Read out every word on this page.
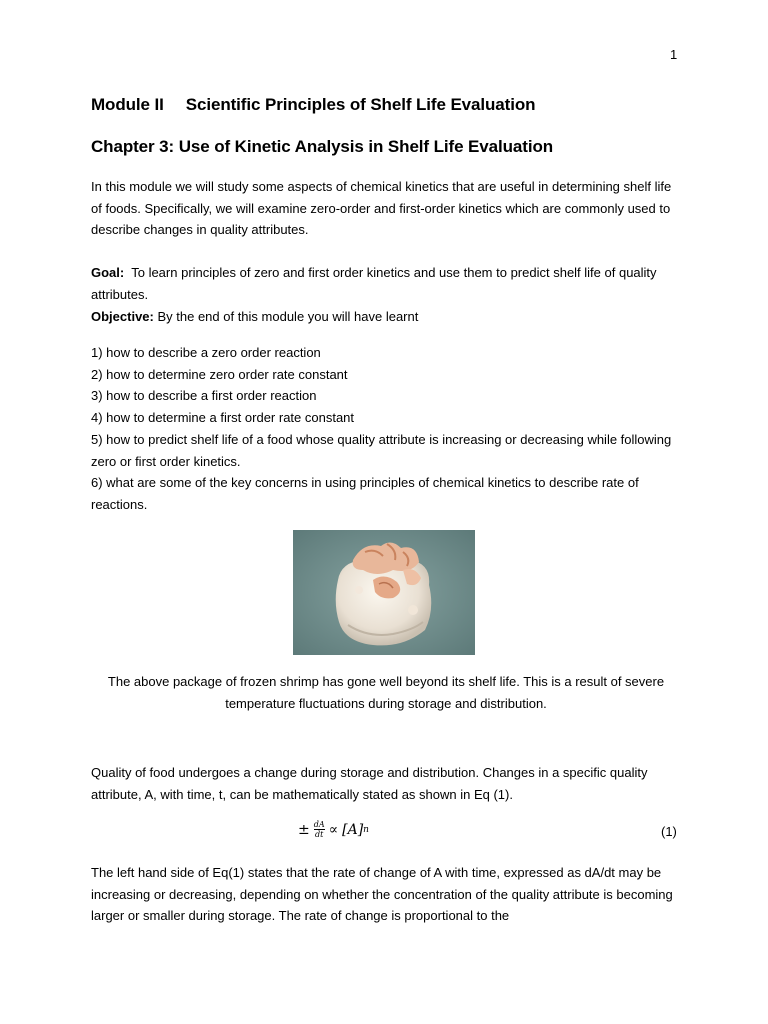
1
Module II Scientific Principles of Shelf Life Evaluation
Chapter 3: Use of Kinetic Analysis in Shelf Life Evaluation
In this module we will study some aspects of chemical kinetics that are useful in determining shelf life of foods. Specifically, we will examine zero-order and first-order kinetics which are commonly used to describe changes in quality attributes.
Goal:  To learn principles of zero and first order kinetics and use them to predict shelf life of quality attributes.
Objective: By the end of this module you will have learnt
1) how to describe a zero order reaction
2) how to determine zero order rate constant
3) how to describe a first order reaction
4) how to determine a first order rate constant
5) how to predict shelf life of a food whose quality attribute is increasing or decreasing while following zero or first order kinetics.
6) what are some of the key concerns in using principles of chemical kinetics to describe rate of reactions.
The above package of frozen shrimp has gone well beyond its shelf life. This is a result of severe temperature fluctuations during storage and distribution.
Quality of food undergoes a change during storage and distribution. Changes in a specific quality attribute, A, with time, t, can be mathematically stated as shown in Eq (1).
± $\frac{dA}{dt} \propto [A]$ n	(1)
The left hand side of Eq(1) states that the rate of change of A with time, expressed as dA/dt may be increasing or decreasing, depending on whether the concentration of the quality attribute is becoming larger or smaller during storage. The rate of change is proportional to the
